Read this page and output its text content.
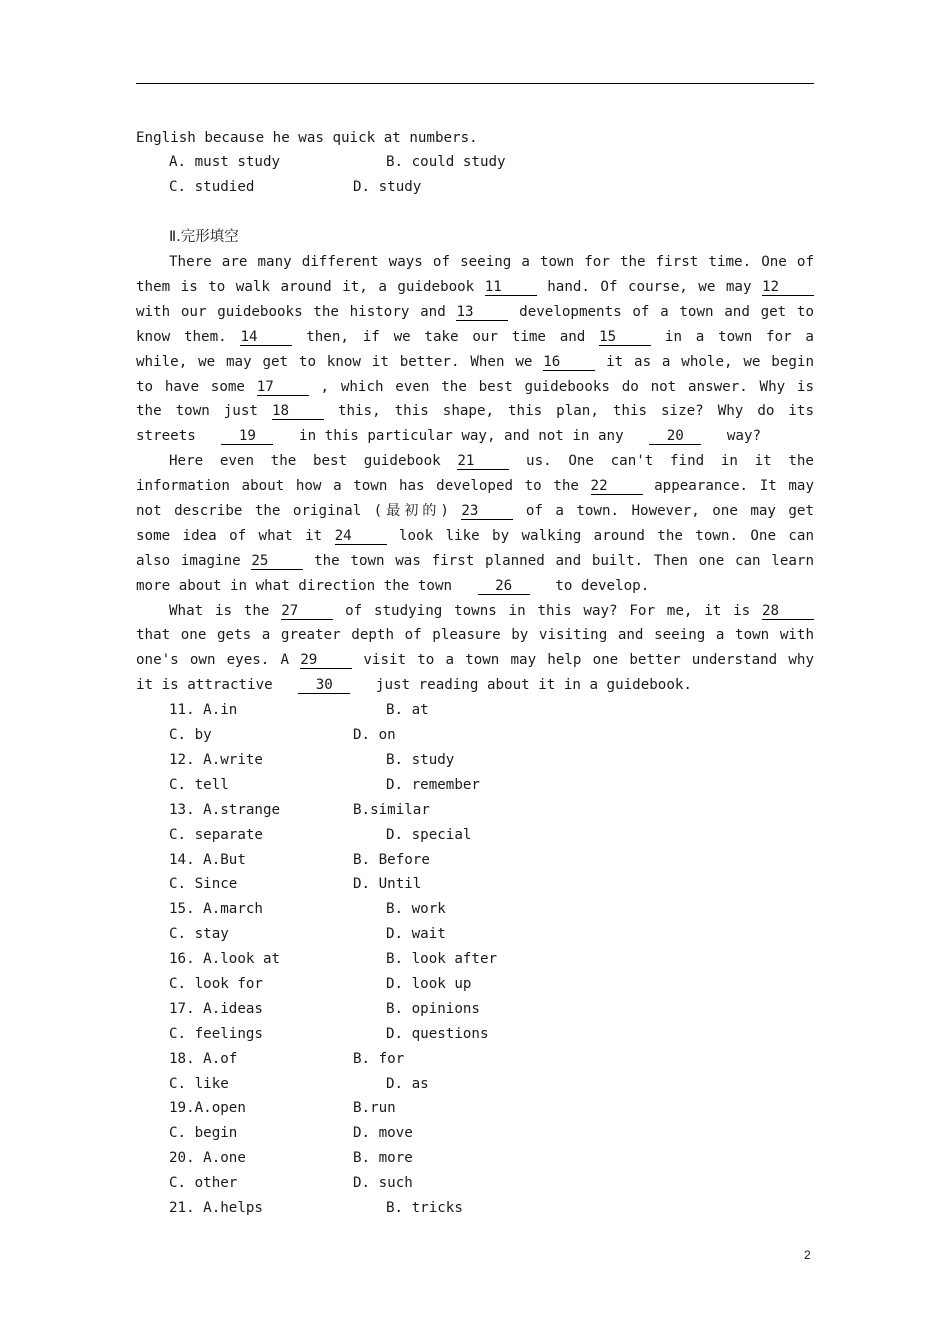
English because he was quick at numbers.
A. must study	B. could study
C. studied	D. study
Ⅱ.完形填空
There are many different ways of seeing a town for the first time. One of
them is to walk around it, a guidebook 11	hand. Of course, we may 12
with our guidebooks the history and 13	developments of a town and get to
know them. 14	then, if we take our time and 15	in a town for a
while, we may get to know it better. When we 16	it as a whole, we begin
to have some 17	, which even the best guidebooks do not answer. Why is
the town just 18	this, this shape, this plan, this size? Why do its
streets	19	in this particular way, and not in any	20	way?
Here even the best guidebook 21	us. One can't find in it the
information about how a town has developed to the 22	appearance. It may
not describe the original (最初的) 23	of a town. However, one may get
some idea of what it 24	look like by walking around the town. One can
also imagine 25	the town was first planned and built. Then one can learn
more about in what direction the town	26	to develop.
What is the 27	of studying towns in this way? For me, it is 28
that one gets a greater depth of pleasure by visiting and seeing a town with
one's own eyes. A 29	visit to a town may help one better understand why
it is attractive	30	just reading about it in a guidebook.
11. A.in	B. at
C. by	D. on
12. A.write	B. study
C. tell	D. remember
13. A.strange	B.similar
C. separate	D. special
14. A.But	B. Before
C. Since	D. Until
15. A.march	B. work
C. stay	D. wait
16. A.look at	B. look after
C. look for	D. look up
17. A.ideas	B. opinions
C. feelings	D. questions
18. A.of	B. for
C. like	D. as
19.A.open	B.run
C. begin	D. move
20. A.one	B. more
C. other	D. such
21. A.helps	B. tricks
2
